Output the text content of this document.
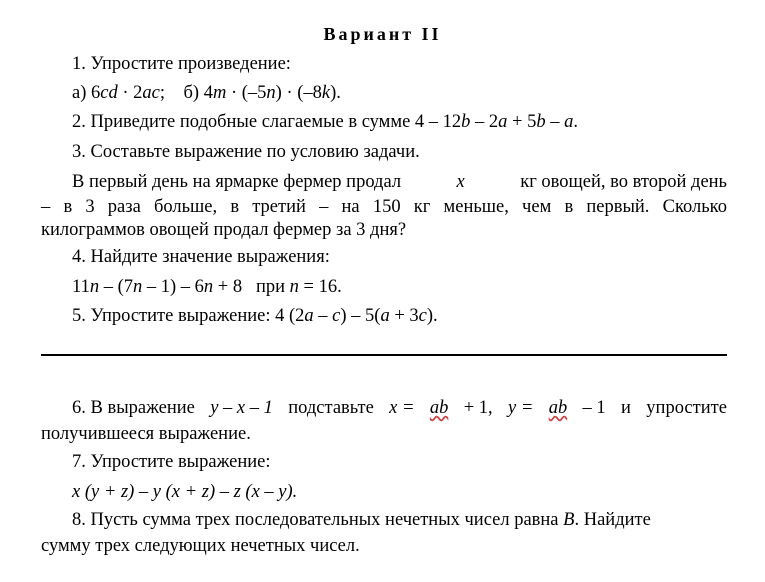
Вариант II
1. Упростите произведение:
а) 6cd · 2ac; б) 4m · (–5n) · (–8k).
2. Приведите подобные слагаемые в сумме 4 – 12b – 2a + 5b – a.
3. Составьте выражение по условию задачи.
В первый день на ярмарке фермер продал	x	кг овощей, во второй день
– в 3 раза больше, в третий – на 150 кг меньше, чем в первый. Сколько
килограммов овощей продал фермер за 3 дня?
4. Найдите значение выражения:
11n – (7n – 1) – 6n + 8   при n = 16.
5. Упростите выражение: 4 (2a – c) – 5(a + 3c).
6. В выражение y – x – 1 подставьте x = ab + 1, y = ab – 1 и упростите
получившееся выражение.
7. Упростите выражение:
x (y + z) – y (x + z) – z (x – y).
8. Пусть сумма трех последовательных нечетных чисел равна B. Найдите
сумму трех следующих нечетных чисел.
